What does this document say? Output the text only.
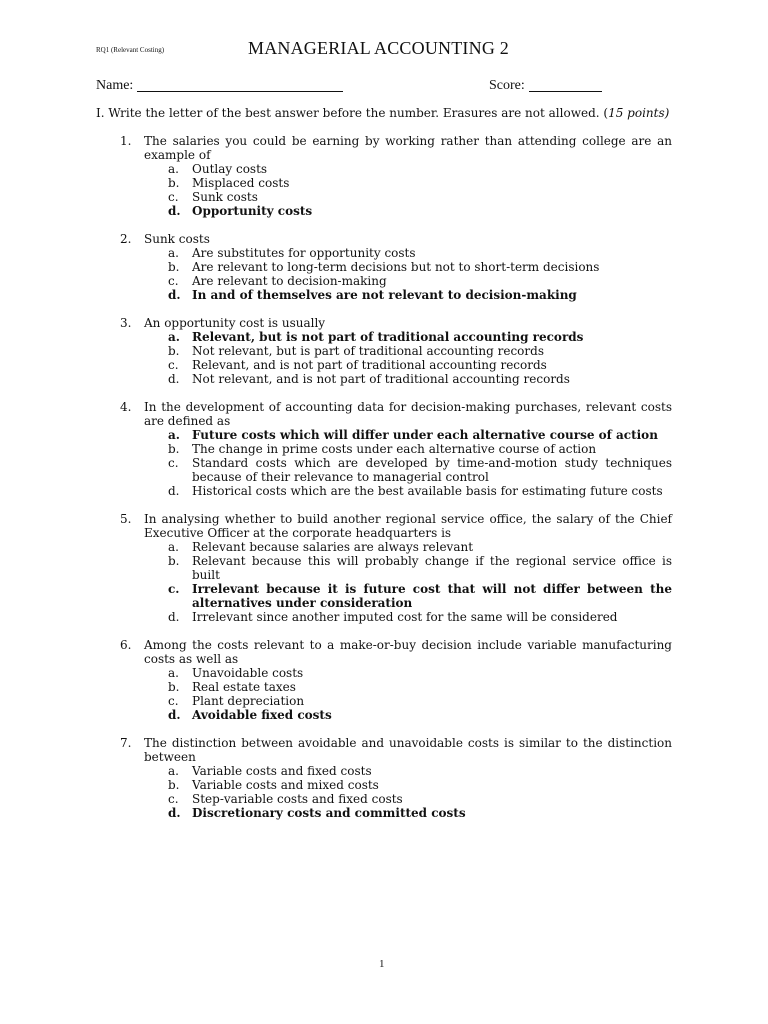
RQ1 (Relevant Costing)	MANAGERIAL ACCOUNTING 2
Name:	Score:

I. Write the letter of the best answer before the number. Erasures are not allowed. (15 points)

1. The salaries you could be earning by working rather than attending college are an example of
a. Outlay costs
b. Misplaced costs
c. Sunk costs
d. Opportunity costs
2. Sunk costs
a. Are substitutes for opportunity costs
b. Are relevant to long-term decisions but not to short-term decisions
c. Are relevant to decision-making
d. In and of themselves are not relevant to decision-making
3. An opportunity cost is usually
a. Relevant, but is not part of traditional accounting records
b. Not relevant, but is part of traditional accounting records
c. Relevant, and is not part of traditional accounting records
d. Not relevant, and is not part of traditional accounting records
4. In the development of accounting data for decision-making purchases, relevant costs are defined as
a. Future costs which will differ under each alternative course of action
b. The change in prime costs under each alternative course of action
c. Standard costs which are developed by time-and-motion study techniques because of their relevance to managerial control
d. Historical costs which are the best available basis for estimating future costs
5. In analysing whether to build another regional service office, the salary of the Chief Executive Officer at the corporate headquarters is
a. Relevant because salaries are always relevant
b. Relevant because this will probably change if the regional service office is built
c. Irrelevant because it is future cost that will not differ between the alternatives under consideration
d. Irrelevant since another imputed cost for the same will be considered
6. Among the costs relevant to a make-or-buy decision include variable manufacturing costs as well as
a. Unavoidable costs
b. Real estate taxes
c. Plant depreciation
d. Avoidable fixed costs
7. The distinction between avoidable and unavoidable costs is similar to the distinction between
a. Variable costs and fixed costs
b. Variable costs and mixed costs
c. Step-variable costs and fixed costs
d. Discretionary costs and committed costs
1
